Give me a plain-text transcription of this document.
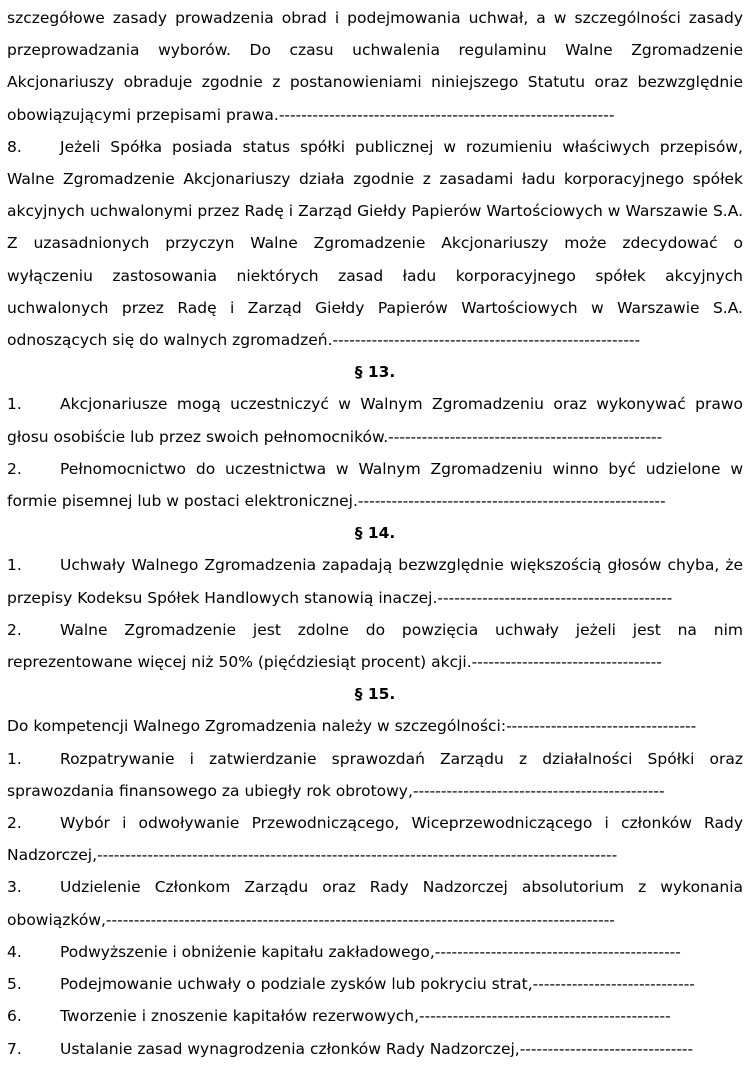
szczegółowe zasady prowadzenia obrad i podejmowania uchwał, a w szczególności zasady przeprowadzania wyborów. Do czasu uchwalenia regulaminu Walne Zgromadzenie Akcjonariuszy obraduje zgodnie z postanowieniami niniejszego Statutu oraz bezwzględnie obowiązującymi przepisami prawa.------------------------------------------------------------

8. Jeżeli Spółka posiada status spółki publicznej w rozumieniu właściwych przepisów, Walne Zgromadzenie Akcjonariuszy działa zgodnie z zasadami ładu korporacyjnego spółek akcyjnych uchwalonymi przez Radę i Zarząd Giełdy Papierów Wartościowych w Warszawie S.A. Z uzasadnionych przyczyn Walne Zgromadzenie Akcjonariuszy może zdecydować o wyłączeniu zastosowania niektórych zasad ładu korporacyjnego spółek akcyjnych uchwalonych przez Radę i Zarząd Giełdy Papierów Wartościowych w Warszawie S.A. odnoszących się do walnych zgromadzeń.-------------------------------------------------------

§ 13.

1. Akcjonariusze mogą uczestniczyć w Walnym Zgromadzeniu oraz wykonywać prawo głosu osobiście lub przez swoich pełnomocników.-------------------------------------------------

2. Pełnomocnictwo do uczestnictwa w Walnym Zgromadzeniu winno być udzielone w formie pisemnej lub w postaci elektronicznej.-------------------------------------------------------

§ 14.

1. Uchwały Walnego Zgromadzenia zapadają bezwzględnie większością głosów chyba, że przepisy Kodeksu Spółek Handlowych stanowią inaczej.------------------------------------------

2. Walne Zgromadzenie jest zdolne do powzięcia uchwały jeżeli jest na nim reprezentowane więcej niż 50% (pięćdziesiąt procent) akcji.----------------------------------

§ 15.

Do kompetencji Walnego Zgromadzenia należy w szczególności:----------------------------------

1. Rozpatrywanie i zatwierdzanie sprawozdań Zarządu z działalności Spółki oraz sprawozdania finansowego za ubiegły rok obrotowy,---------------------------------------------

2. Wybór i odwoływanie Przewodniczącego, Wiceprzewodniczącego i członków Rady Nadzorczej,---------------------------------------------------------------------------------------------

3. Udzielenie Członkom Zarządu oraz Rady Nadzorczej absolutorium z wykonania obowiązków,-------------------------------------------------------------------------------------------

4. Podwyższenie i obniżenie kapitału zakładowego,--------------------------------------------

5. Podejmowanie uchwały o podziale zysków lub pokryciu strat,-----------------------------

6. Tworzenie i znoszenie kapitałów rezerwowych,---------------------------------------------

7. Ustalanie zasad wynagrodzenia członków Rady Nadzorczej,-------------------------------
